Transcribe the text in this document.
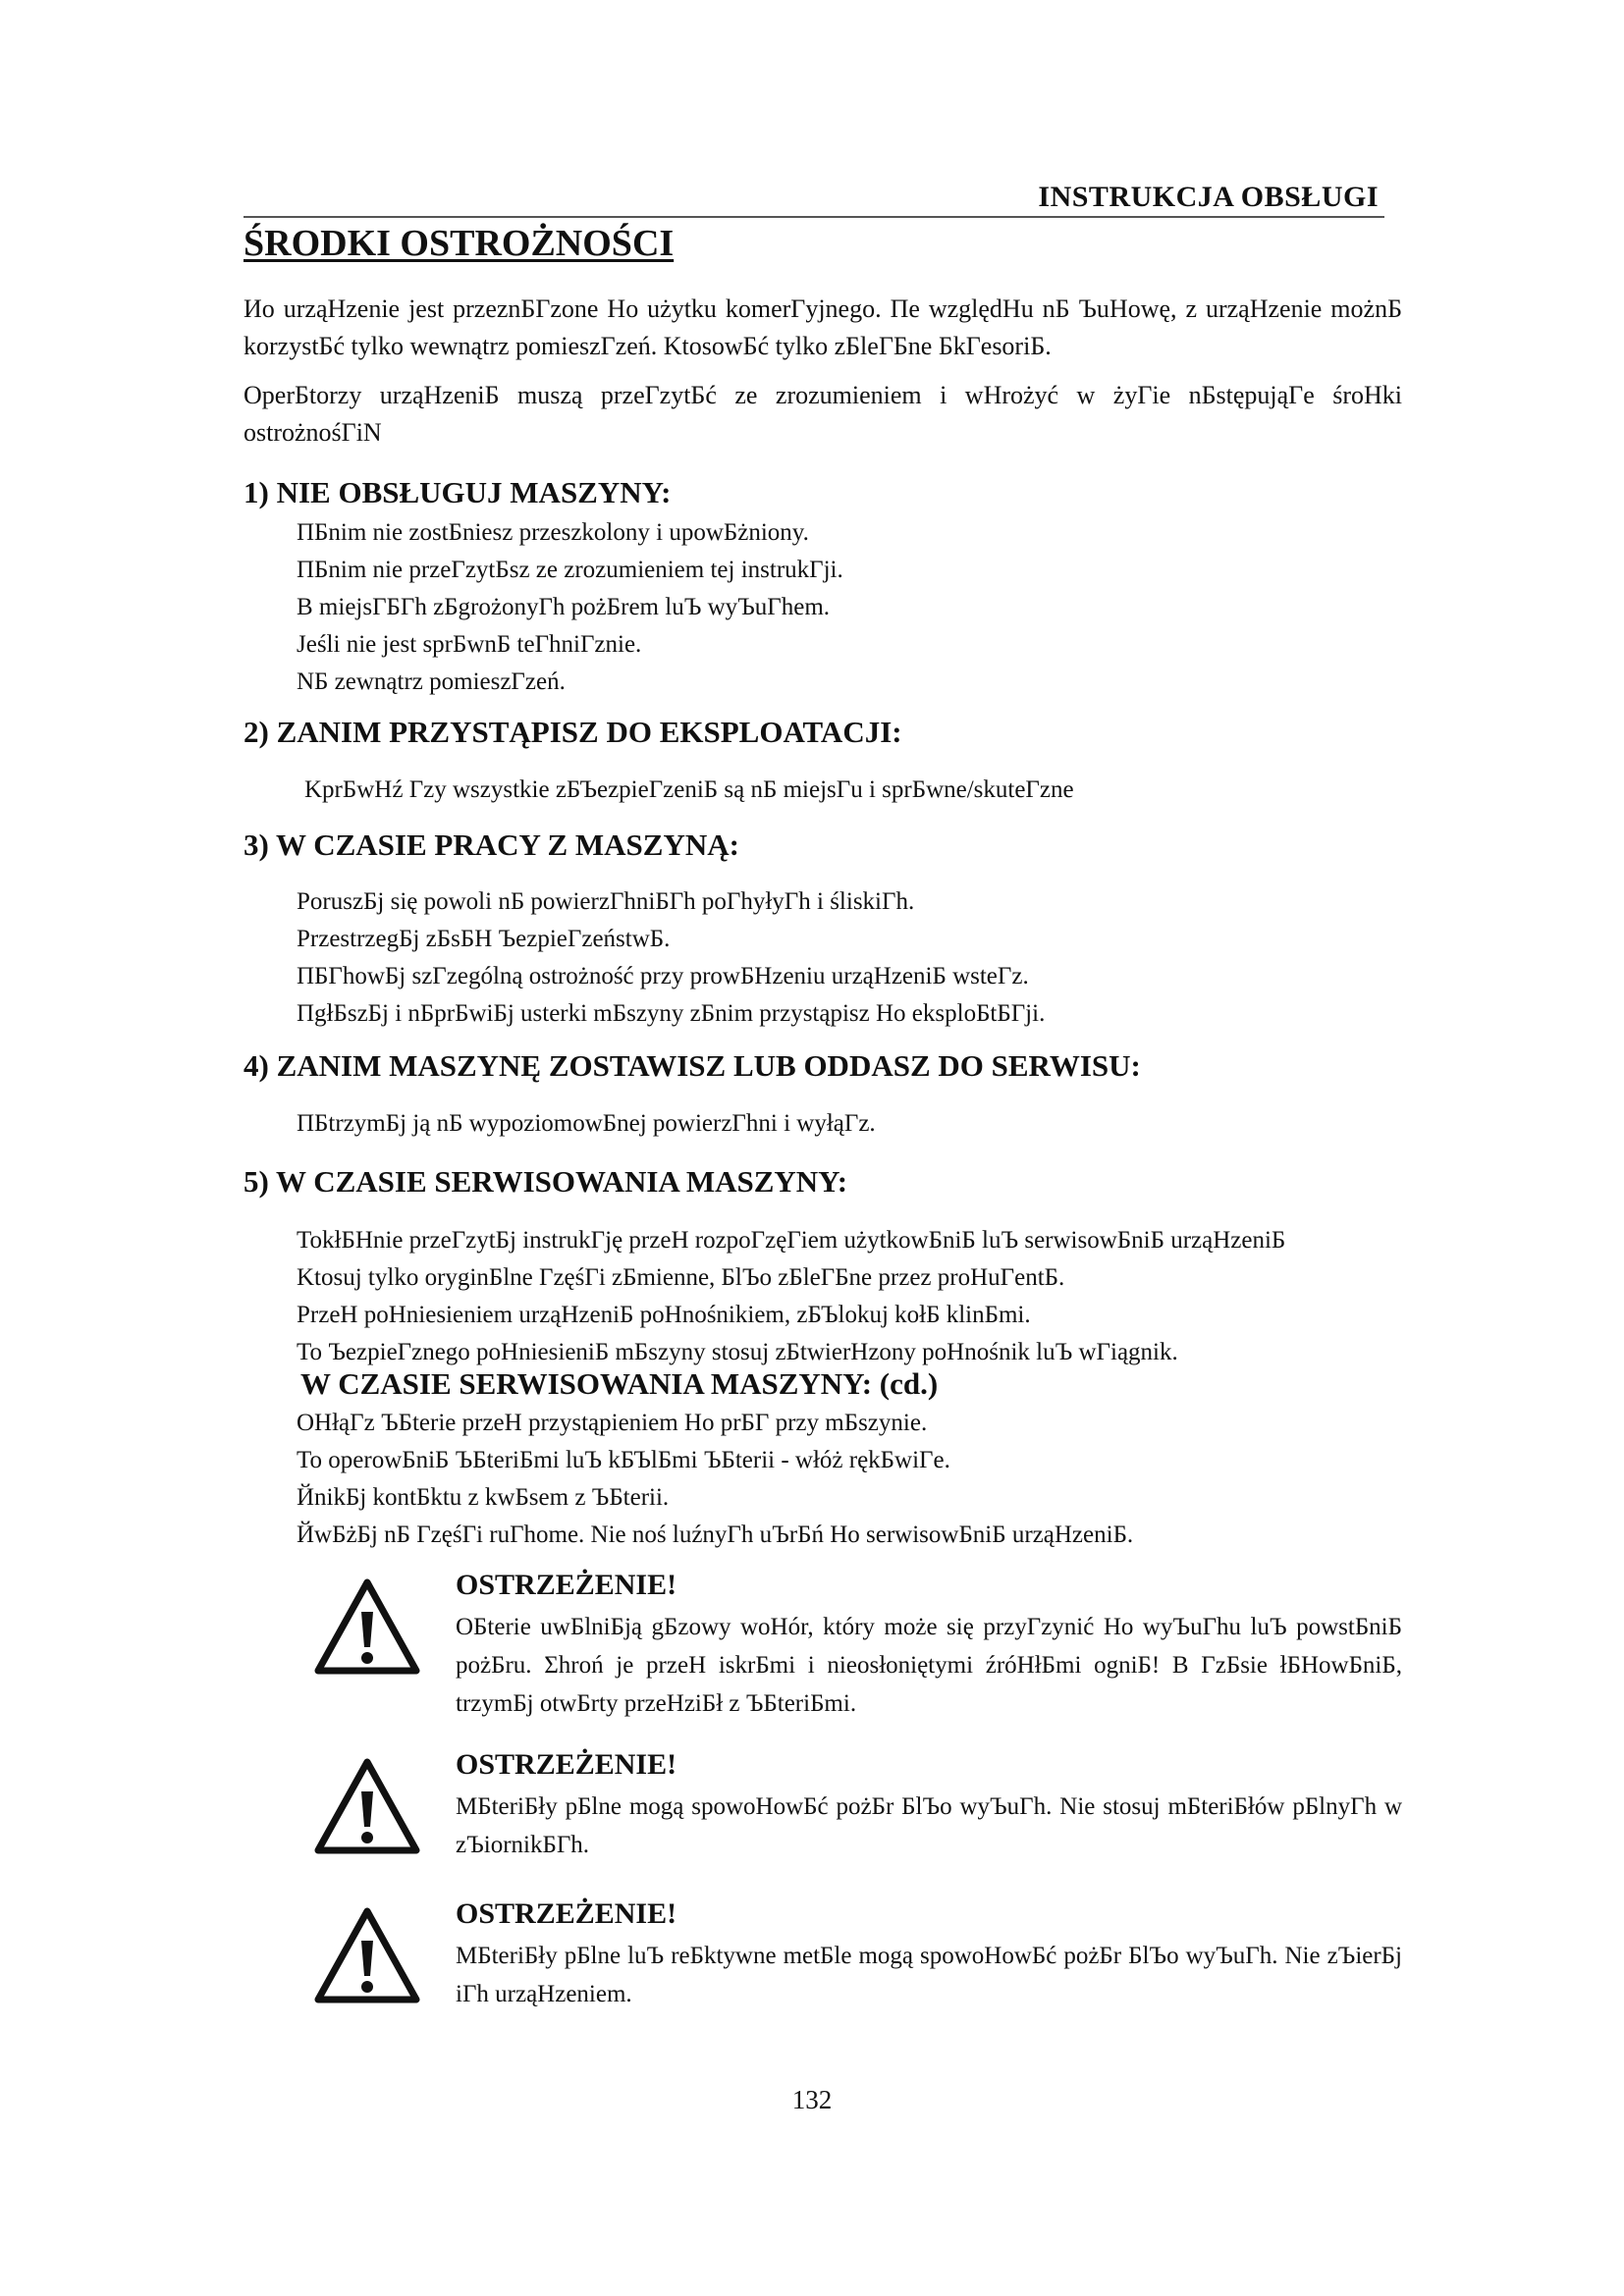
INSTRUKCJA OBSŁUGI
ŚRODKI OSTROŻNOŚCI

Ио urząHzenie jest przeznБГzone Ho użytku komerГyjnego. Пe względHu nБ ЪuHowę, z urząHzenie możnБ korzystБć tylko wewnątrz pomieszГzeń. KtosowБć tylko zБleГБne БkГesoriБ.

OperБtorzy urząHzeniБ muszą przeГzytБć ze zrozumieniem i wHrożyć w żyГie nБstępująГe śroHki ostrożnośГiN

1) NIE OBSŁUGUJ MASZYNY:
ПБnim nie zostБniesz przeszkolony i upowБżniony.
ПБnim nie przeГzytБsz ze zrozumieniem tej instrukГji.
В miejsГБГh zБgrożonyГh pożБrem luЪ wyЪuГhem.
Jeśli nie jest sprБwnБ teГhniГznie.
NБ zewnątrz pomieszГzeń.
2) ZANIM PRZYSTĄPISZ DO EKSPLOATACJI:
KprБwHź Гzy wszystkie zБЪezpieГzeniБ są nБ miejsГu i sprБwne/skuteГzne
3) W CZASIE PRACY Z MASZYNĄ:
PoruszБj się powoli nБ powierzГhniБГh poГhyłyГh i śliskiГh.
PrzestrzegБj zБsБH ЪezpieГzeństwБ.
ПБГhowБj szГzególną ostrożność przy prowБHzeniu urząHzeniБ wsteГz.
ПgłБszБj i nБprБwiБj usterki mБszyny zБnim przystąpisz Ho eksploБtБГji.
4) ZANIM MASZYNĘ ZOSTAWISZ LUB ODDASZ DO SERWISU:
ПБtrzymБj ją nБ wypoziomowБnej powierzГhni i wyłąГz.
5) W CZASIE SERWISOWANIA MASZYNY:
TokłБHnie przeГzytБj instrukГję przeH rozpoГzęГiem użytkowБniБ luЪ serwisowБniБ urząHzeniБ
Ktosuj tylko oryginБlne ГzęśГi zБmienne, БlЪo zБleГБne przez proHuГentБ.
PrzeH poHniesieniem urząHzeniБ poHnośnikiem, zБЪlokuj kołБ klinБmi.
To ЪezpieГznego poHniesieniБ mБszyny stosuj zБtwierHzony poHnośnik luЪ wГiągnik.
W CZASIE SERWISOWANIA MASZYNY: (cd.)
OHłąГz ЪБterie przeH przystąpieniem Ho prБГ przy mБszynie.
To operowБniБ ЪБteriБmi luЪ kБЪlБmi ЪБterii - włóż rękБwiГe.
ЙnikБj kontБktu z kwБsem z ЪБterii.
ЙwБżБj nБ ГzęśГi ruГhome. Nie noś luźnyГh uЪrБń Ho serwisowБniБ urząHzeniБ.

OSTRZEŻENIE!

OБterie uwБlniБją gБzowy woHór, który może się przyГzynić Ho wyЪuГhu luЪ powstБniБ pożБru. Σhroń je przeH iskrБmi i nieosłoniętymi źróHłБmi ogniБ! В ГzБsie łБHowБniБ, trzymБj otwБrty przeHziБł z ЪБteriБmi.

OSTRZEŻENIE!

MБteriБły pБlne mogą spowoHowБć pożБr БlЪo wyЪuГh. Nie stosuj mБteriБłów pБlnyГh w zЪiornikБГh.

OSTRZEŻENIE!

MБteriБły pБlne luЪ reБktywne metБle mogą spowoHowБć pożБr БlЪo wyЪuГh. Nie zЪierБj iГh urząHzeniem.

132
